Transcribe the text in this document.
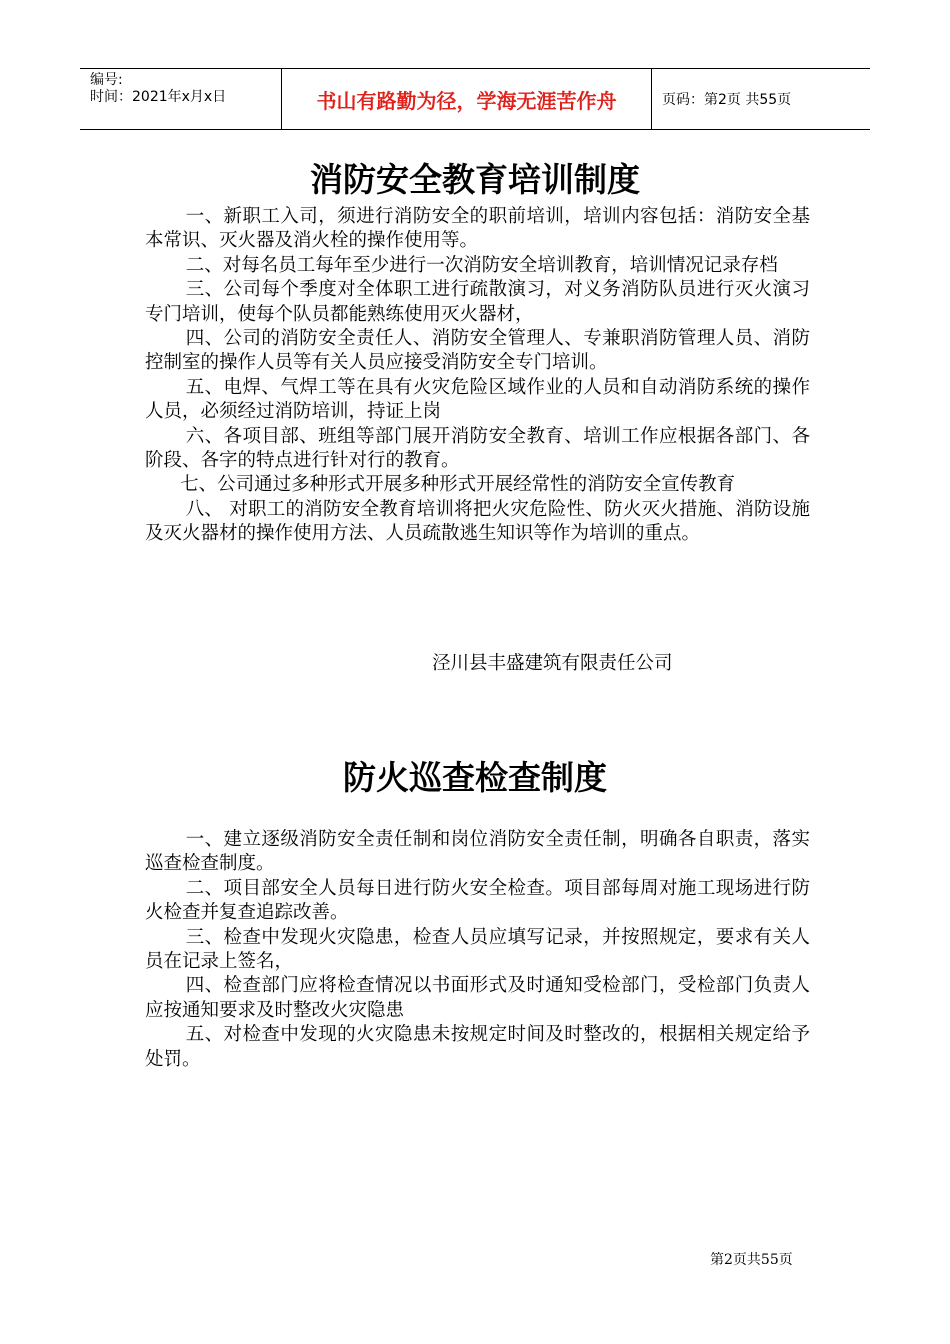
编号:
时间：2021年x月x日	书山有路勤为径，学海无涯苦作舟	页码：第2页 共55页
消防安全教育培训制度

一、新职工入司，须进行消防安全的职前培训，培训内容包括：消防安全基本常识、灭火器及消火栓的操作使用等。

二、对每名员工每年至少进行一次消防安全培训教育，培训情况记录存档

三、公司每个季度对全体职工进行疏散演习，对义务消防队员进行灭火演习专门培训，使每个队员都能熟练使用灭火器材，

四、公司的消防安全责任人、消防安全管理人、专兼职消防管理人员、消防控制室的操作人员等有关人员应接受消防安全专门培训。

五、电焊、气焊工等在具有火灾危险区域作业的人员和自动消防系统的操作人员，必须经过消防培训，持证上岗

六、各项目部、班组等部门展开消防安全教育、培训工作应根据各部门、各阶段、各字的特点进行针对行的教育。

七、公司通过多种形式开展多种形式开展经常性的消防安全宣传教育

八、 对职工的消防安全教育培训将把火灾危险性、防火灭火措施、消防设施及灭火器材的操作使用方法、人员疏散逃生知识等作为培训的重点。

泾川县丰盛建筑有限责任公司
防火巡查检查制度

一、建立逐级消防安全责任制和岗位消防安全责任制，明确各自职责，落实巡查检查制度。

二、项目部安全人员每日进行防火安全检查。项目部每周对施工现场进行防火检查并复查追踪改善。

三、检查中发现火灾隐患，检查人员应填写记录，并按照规定，要求有关人员在记录上签名，

四、检查部门应将检查情况以书面形式及时通知受检部门，受检部门负责人应按通知要求及时整改火灾隐患

五、对检查中发现的火灾隐患未按规定时间及时整改的，根据相关规定给予处罚。

第2页共55页
